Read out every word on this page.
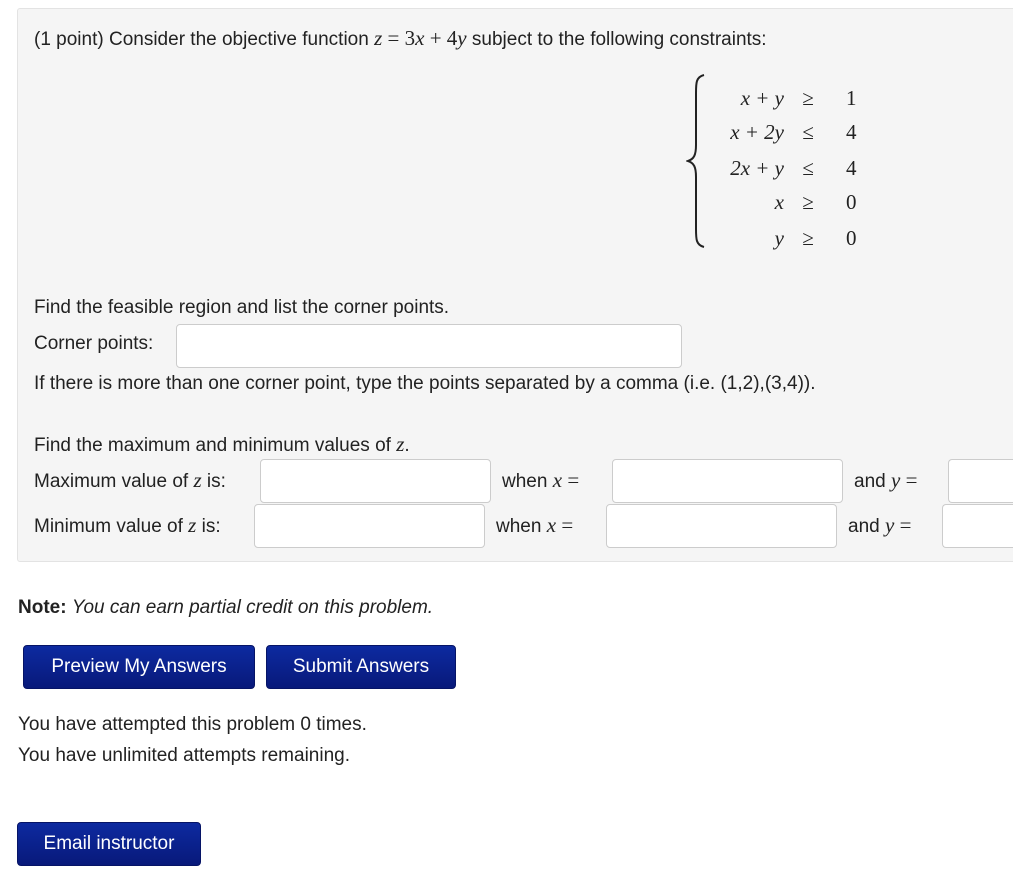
(1 point) Consider the objective function z = 3x + 4y subject to the following constraints:
x + y ≥ 1
x + 2y ≤ 4
2x + y ≤ 4
x ≥ 0
y ≥ 0
Find the feasible region and list the corner points.
Corner points:
If there is more than one corner point, type the points separated by a comma (i.e. (1,2),(3,4)).
Find the maximum and minimum values of z.
Maximum value of z is:	when x =	and y =
Minimum value of z is:	when x =	and y =
Note: You can earn partial credit on this problem.
Preview My Answers	Submit Answers
You have attempted this problem 0 times.
You have unlimited attempts remaining.
Email instructor
